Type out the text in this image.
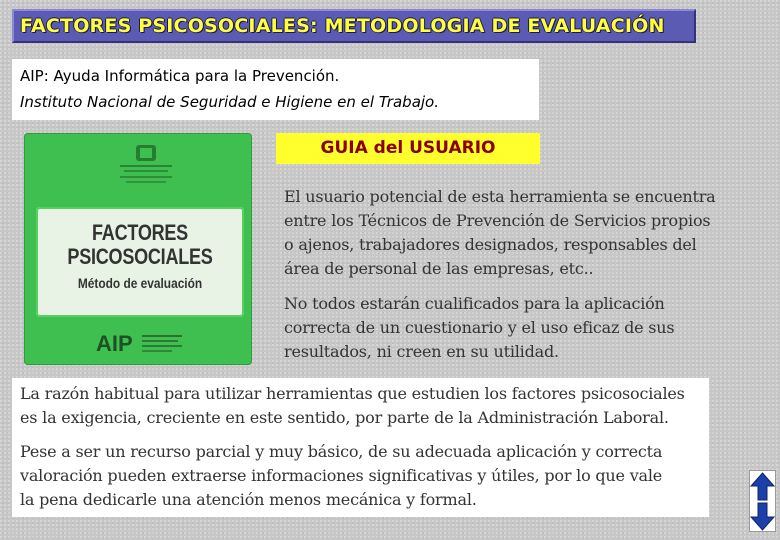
FACTORES PSICOSOCIALES: METODOLOGIA DE EVALUACIÓN
AIP: Ayuda Informática para la Prevención.
Instituto Nacional de Seguridad e Higiene en el Trabajo.
FACTORES
PSICOSOCIALES
Método de evaluación
AIP
GUIA del USUARIO
El usuario potencial de esta herramienta se encuentra
entre los Técnicos de Prevención de Servicios propios
o ajenos, trabajadores designados, responsables del
área de personal de las empresas, etc..
No todos estarán cualificados para la aplicación
correcta de un cuestionario y el uso eficaz de sus
resultados, ni creen en su utilidad.
La razón habitual para utilizar herramientas que estudien los factores psicosociales
es la exigencia, creciente en este sentido, por parte de la Administración Laboral.
Pese a ser un recurso parcial y muy básico, de su adecuada aplicación y correcta
valoración pueden extraerse informaciones significativas y útiles, por lo que vale
la pena dedicarle una atención menos mecánica y formal.
